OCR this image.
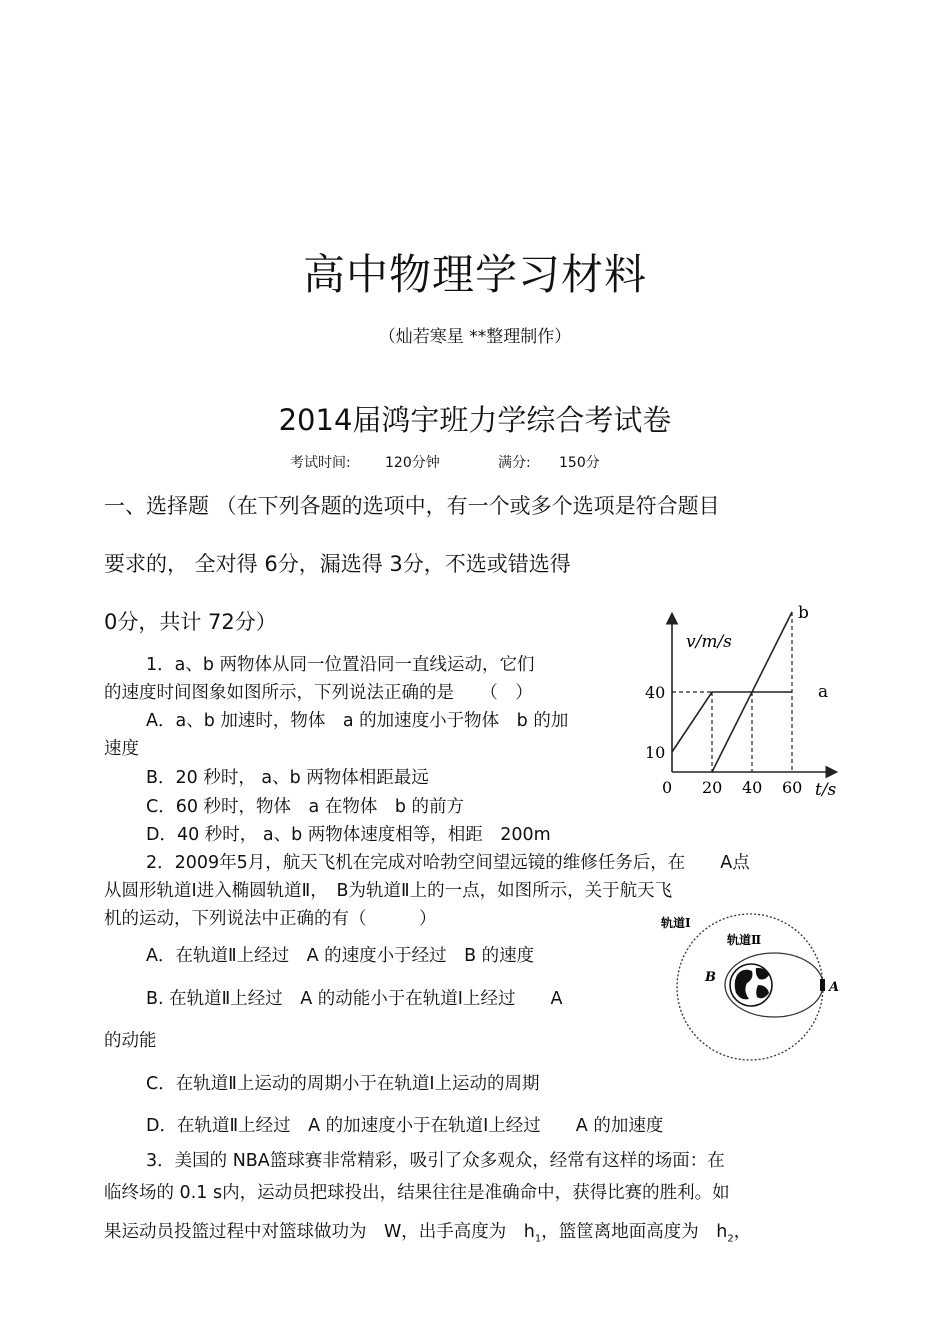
高中物理学习材料
（灿若寒星 **整理制作）
2014届鸿宇班力学综合考试卷
考试时间: 120分钟	满分: 150分
一、选择题 （在下列各题的选项中，有一个或多个选项是符合题目
要求的， 全对得 6分，漏选得 3分，不选或错选得
0分，共计 72分）
1．a、b 两物体从同一位置沿同一直线运动，它们
的速度时间图象如图所示，下列说法正确的是　　（　）
A．a、b 加速时，物体　a 的加速度小于物体　b 的加
速度
B．20 秒时， a、b 两物体相距最远
C．60 秒时，物体　a 在物体　b 的前方
D．40 秒时， a、b 两物体速度相等，相距　200m
v/m/s
t/s
0 20 40 60
10
40	a
b
2．2009年5月，航天飞机在完成对哈勃空间望远镜的维修任务后，在　　A点
从圆形轨道Ⅰ进入椭圆轨道Ⅱ，　B为轨道Ⅱ上的一点，如图所示，关于航天飞
机的运动，下列说法中正确的有（　　　）
A．在轨道Ⅱ上经过　A 的速度小于经过　B 的速度
B. 在轨道Ⅱ上经过　A 的动能小于在轨道Ⅰ上经过　　A
的动能
C．在轨道Ⅱ上运动的周期小于在轨道Ⅰ上运动的周期
D．在轨道Ⅱ上经过　A 的加速度小于在轨道Ⅰ上经过　　A 的加速度
轨道Ⅰ
轨道Ⅱ
A
B
3．美国的 NBA篮球赛非常精彩，吸引了众多观众，经常有这样的场面：在
临终场的 0.1 s内，运动员把球投出，结果往往是准确命中，获得比赛的胜利。如
果运动员投篮过程中对篮球做功为　W，出手高度为　$h_1$，篮筐离地面高度为　$h_2$，
